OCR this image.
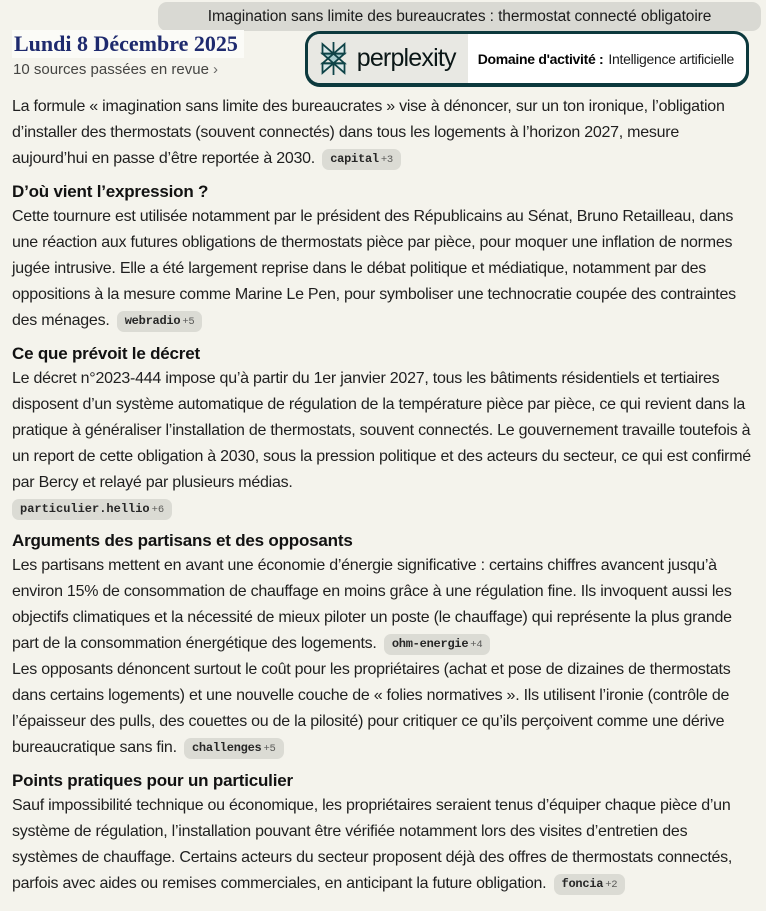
Imagination sans limite des bureaucrates : thermostat connecté obligatoire
Lundi 8 Décembre 2025
10 sources passées en revue ›	perplexity Domaine d'activité : Intelligence artificielle

La formule « imagination sans limite des bureaucrates » vise à dénoncer, sur un ton ironique, l’obligation d’installer des thermostats (souvent connectés) dans tous les logements à l’horizon 2027, mesure aujourd’hui en passe d’être reportée à 2030. capital +3

D’où vient l’expression ?

Cette tournure est utilisée notamment par le président des Républicains au Sénat, Bruno Retailleau, dans une réaction aux futures obligations de thermostats pièce par pièce, pour moquer une inflation de normes jugée intrusive. Elle a été largement reprise dans le débat politique et médiatique, notamment par des oppositions à la mesure comme Marine Le Pen, pour symboliser une technocratie coupée des contraintes des ménages. webradio +5

Ce que prévoit le décret

Le décret n°2023-444 impose qu’à partir du 1er janvier 2027, tous les bâtiments résidentiels et tertiaires disposent d’un système automatique de régulation de la température pièce par pièce, ce qui revient dans la pratique à généraliser l’installation de thermostats, souvent connectés. Le gouvernement travaille toutefois à un report de cette obligation à 2030, sous la pression politique et des acteurs du secteur, ce qui est confirmé par Bercy et relayé par plusieurs médias.

particulier.hellio +6
Arguments des partisans et des opposants

Les partisans mettent en avant une économie d’énergie significative : certains chiffres avancent jusqu’à environ 15% de consommation de chauffage en moins grâce à une régulation fine. Ils invoquent aussi les objectifs climatiques et la nécessité de mieux piloter un poste (le chauffage) qui représente la plus grande part de la consommation énergétique des logements. ohm-energie +4

Les opposants dénoncent surtout le coût pour les propriétaires (achat et pose de dizaines de thermostats dans certains logements) et une nouvelle couche de « folies normatives ». Ils utilisent l’ironie (contrôle de l’épaisseur des pulls, des couettes ou de la pilosité) pour critiquer ce qu’ils perçoivent comme une dérive bureaucratique sans fin. challenges +5

Points pratiques pour un particulier

Sauf impossibilité technique ou économique, les propriétaires seraient tenus d’équiper chaque pièce d’un système de régulation, l’installation pouvant être vérifiée notamment lors des visites d’entretien des systèmes de chauffage. Certains acteurs du secteur proposent déjà des offres de thermostats connectés, parfois avec aides ou remises commerciales, en anticipant la future obligation. foncia +2
